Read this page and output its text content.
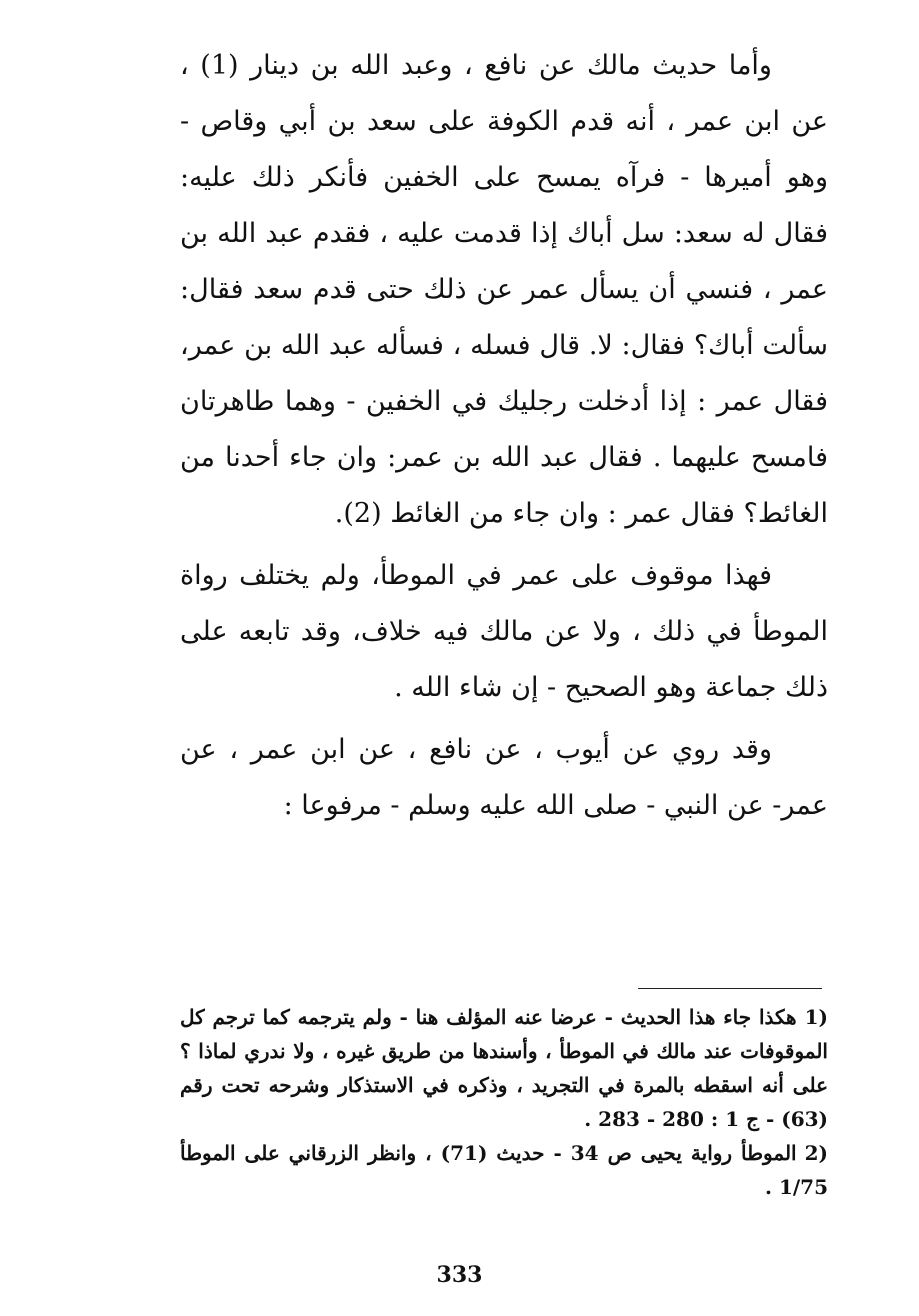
وأما حديث مالك عن نافع ، وعبد الله بن دينار (1) ، عن ابن عمر ، أنه قدم الكوفة على سعد بن أبي وقاص - وهو أميرها - فرآه يمسح على الخفين فأنكر ذلك عليه: فقال له سعد: سل أباك إذا قدمت عليه ، فقدم عبد الله بن عمر ، فنسي أن يسأل عمر عن ذلك حتى قدم سعد فقال: سألت أباك؟ فقال: لا. قال فسله ، فسأله عبد الله بن عمر، فقال عمر : إذا أدخلت رجليك في الخفين - وهما طاهرتان فامسح عليهما . فقال عبد الله بن عمر: وان جاء أحدنا من الغائط؟ فقال عمر : وان جاء من الغائط (2).

فهذا موقوف على عمر في الموطأ، ولم يختلف رواة الموطأ في ذلك ، ولا عن مالك فيه خلاف، وقد تابعه على ذلك جماعة وهو الصحيح - إن شاء الله .

وقد روي عن أيوب ، عن نافع ، عن ابن عمر ، عن عمر- عن النبي - صلى الله عليه وسلم - مرفوعا :

(1هكذا جاء هذا الحديث - عرضا عنه المؤلف هنا - ولم يترجمه كما ترجم كل الموقوفات عند مالك في الموطأ ، وأسندها من طريق غيره ، ولا ندري لماذا ؟ على أنه اسقطه بالمرة في التجريد ، وذكره في الاستذكار وشرحه تحت رقم (63) - ج 1 : 280 - 283 .

(2الموطأ رواية يحيى ص 34 - حديث (71) ، وانظر الزرقاني على الموطأ 1/75 .

333
